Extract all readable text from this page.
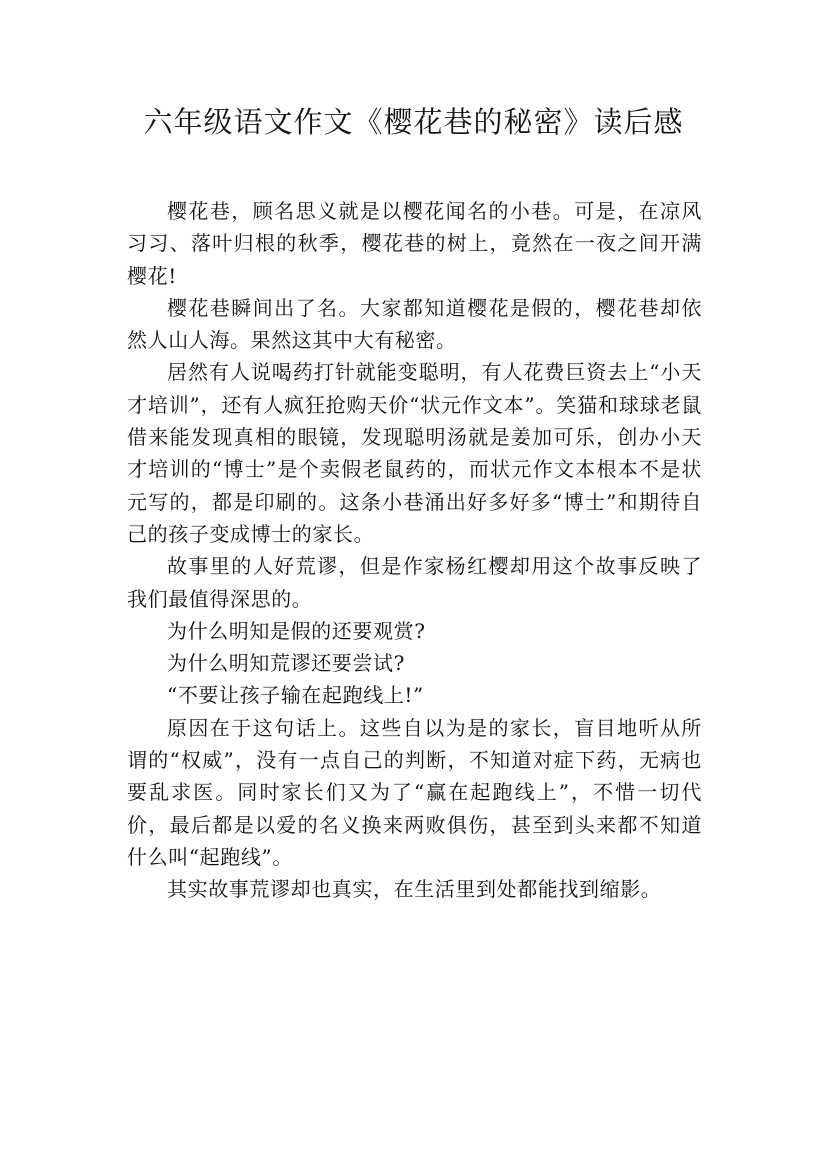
六年级语文作文《樱花巷的秘密》读后感

樱花巷，顾名思义就是以樱花闻名的小巷。可是，在凉风习习、落叶归根的秋季，樱花巷的树上，竟然在一夜之间开满樱花!

樱花巷瞬间出了名。大家都知道樱花是假的，樱花巷却依然人山人海。果然这其中大有秘密。

居然有人说喝药打针就能变聪明，有人花费巨资去上“小天才培训”，还有人疯狂抢购天价“状元作文本”。笑猫和球球老鼠借来能发现真相的眼镜，发现聪明汤就是姜加可乐，创办小天才培训的“博士”是个卖假老鼠药的，而状元作文本根本不是状元写的，都是印刷的。这条小巷涌出好多好多“博士”和期待自己的孩子变成博士的家长。

故事里的人好荒谬，但是作家杨红樱却用这个故事反映了我们最值得深思的。

为什么明知是假的还要观赏?

为什么明知荒谬还要尝试?

“不要让孩子输在起跑线上!”

原因在于这句话上。这些自以为是的家长，盲目地听从所谓的“权威”，没有一点自己的判断，不知道对症下药，无病也要乱求医。同时家长们又为了“赢在起跑线上”，不惜一切代价，最后都是以爱的名义换来两败俱伤，甚至到头来都不知道什么叫“起跑线”。

其实故事荒谬却也真实，在生活里到处都能找到缩影。
